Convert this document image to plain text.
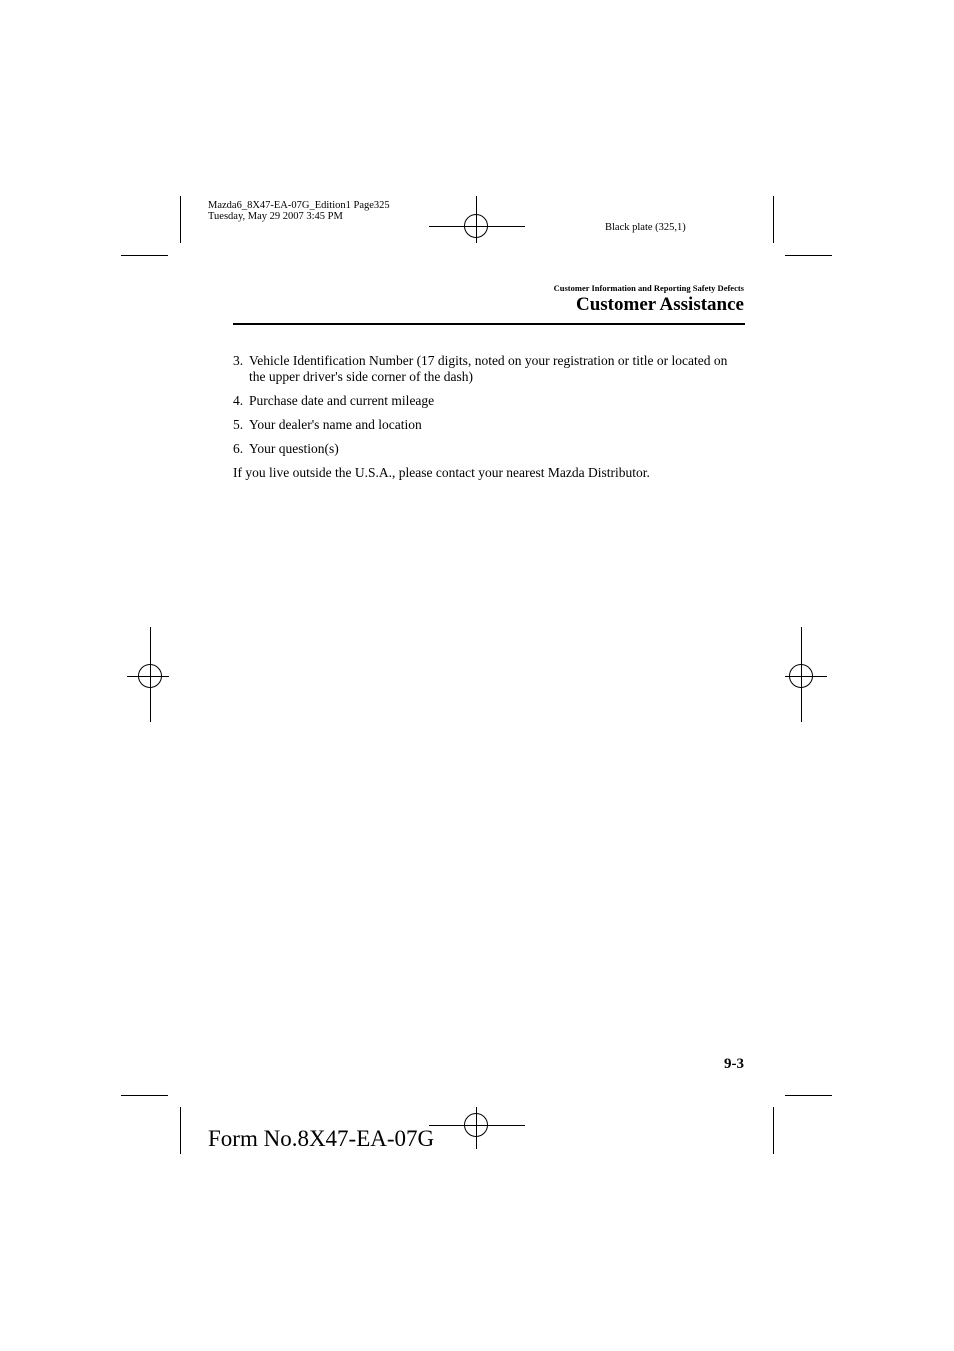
Mazda6_8X47-EA-07G_Edition1 Page325
Tuesday, May 29 2007 3:45 PM
Black plate (325,1)
Customer Information and Reporting Safety Defects
Customer Assistance
3. Vehicle Identification Number (17 digits, noted on your registration or title or located on the upper driver's side corner of the dash)
4. Purchase date and current mileage
5. Your dealer's name and location
6. Your question(s)

If you live outside the U.S.A., please contact your nearest Mazda Distributor.

9-3
Form No.8X47-EA-07G
